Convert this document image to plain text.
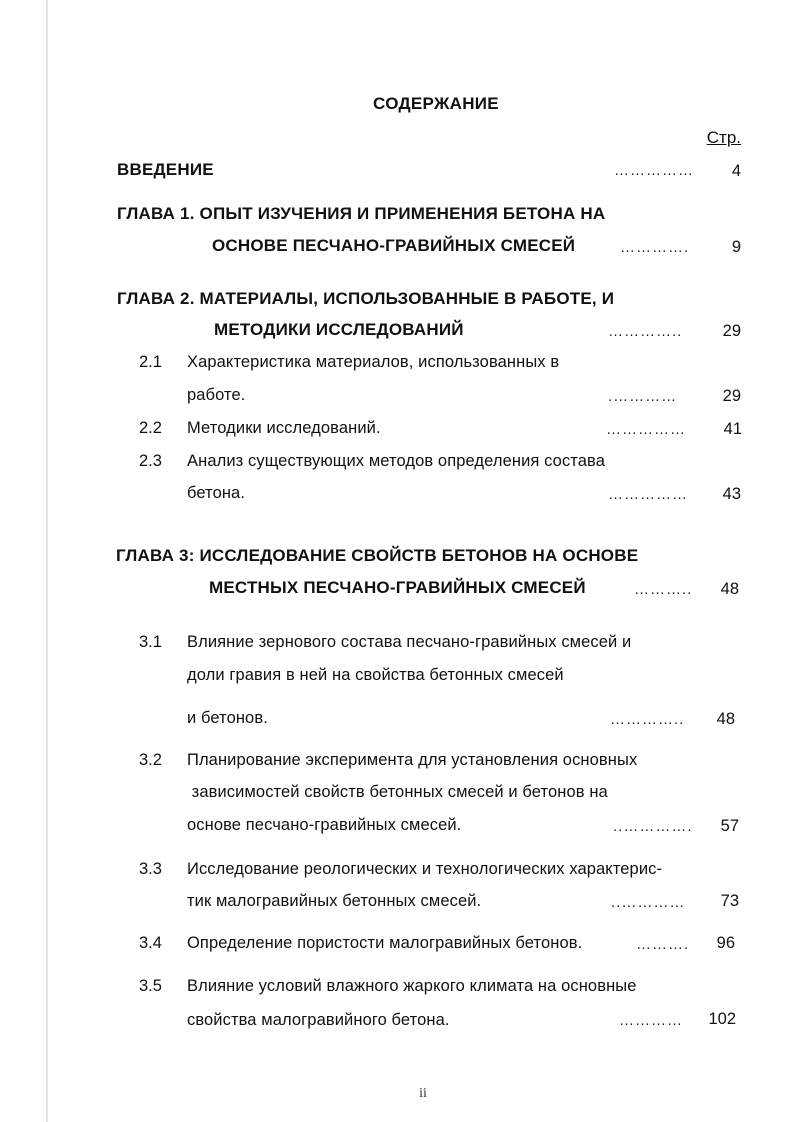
СОДЕРЖАНИЕ
Стр.
ВВЕДЕНИЕ	…………… 4
ГЛАВА 1. ОПЫТ ИЗУЧЕНИЯ И ПРИМЕНЕНИЯ БЕТОНА НА
ОСНОВЕ ПЕСЧАНО-ГРАВИЙНЫХ СМЕСЕЙ	………….	9
ГЛАВА 2. МАТЕРИАЛЫ, ИСПОЛЬЗОВАННЫЕ В РАБОТЕ, И
МЕТОДИКИ ИССЛЕДОВАНИЙ	………….. 29
2.1 Характеристика материалов, использованных в
работе.	.…………	29
2.2 Методики исследований.	…………… 41
2.3 Анализ существующих методов определения состава
бетона.	…………… 43
ГЛАВА 3: ИССЛЕДОВАНИЕ СВОЙСТВ БЕТОНОВ НА ОСНОВЕ
МЕСТНЫХ ПЕСЧАНО-ГРАВИЙНЫХ СМЕСЕЙ	……….. 48
3.1 Влияние зернового состава песчано-гравийных смесей и
доли гравия в ней на свойства бетонных смесей
и бетонов.	………….. 48
3.2 Планирование эксперимента для установления основных
зависимостей свойств бетонных смесей и бетонов на
основе песчано-гравийных смесей.	..…………. 57
3.3 Исследование реологических и технологических характерис-
тик малогравийных бетонных смесей.	..………… 73
3.4 Определение пористости малогравийных бетонов.	………. 96
3.5 Влияние условий влажного жаркого климата на основные
свойства малогравийного бетона.	………… 102
ii
